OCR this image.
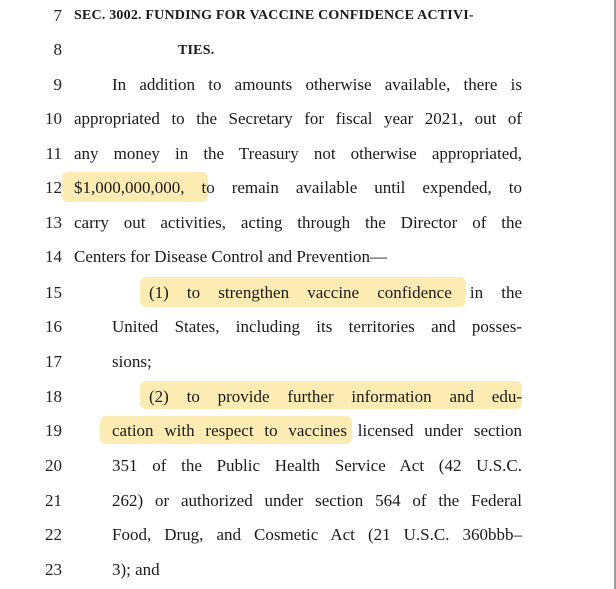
7 SEC. 3002. FUNDING FOR VACCINE CONFIDENCE ACTIVI-
8	TIES.
9	In addition to amounts otherwise available, there is
10 appropriated to the Secretary for fiscal year 2021, out of
11 any money in the Treasury not otherwise appropriated,
12 $1,000,000,000, to remain available until expended, to
13 carry out activities, acting through the Director of the
14 Centers for Disease Control and Prevention—
15	(1) to strengthen vaccine confidence in the
16	United States, including its territories and posses-
17	sions;
18	(2) to provide further information and edu-
19	cation with respect to vaccines licensed under section
20	351 of the Public Health Service Act (42 U.S.C.
21	262) or authorized under section 564 of the Federal
22	Food, Drug, and Cosmetic Act (21 U.S.C. 360bbb–
23	3); and
